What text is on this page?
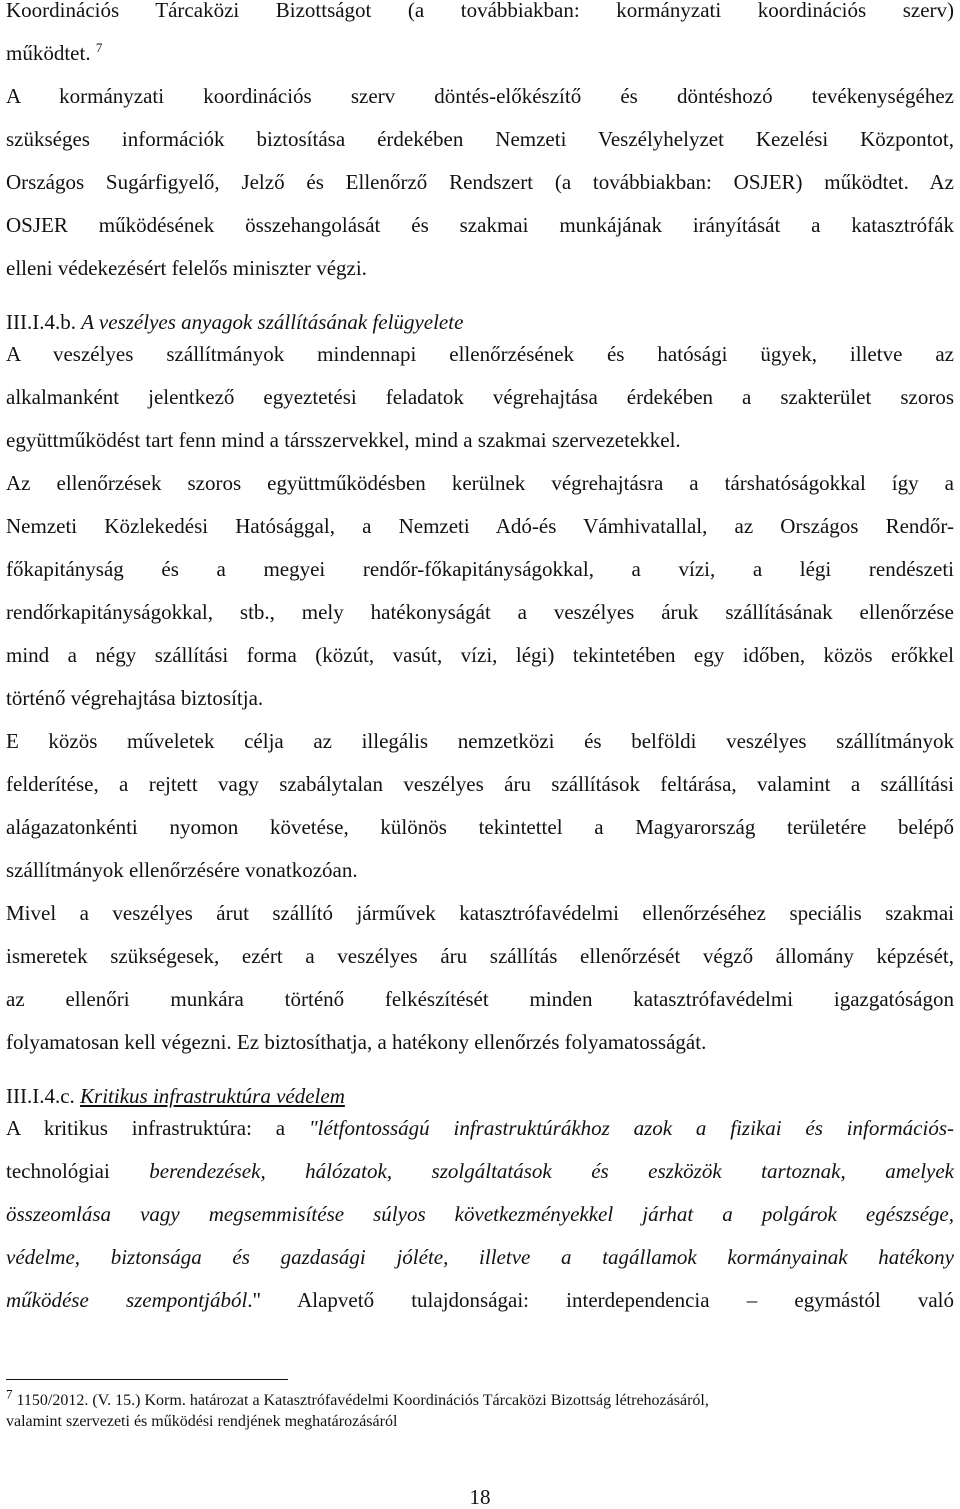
Koordinációs Tárcaközi Bizottságot (a továbbiakban: kormányzati koordinációs szerv)
működtet. $^7$
A kormányzati koordinációs szerv döntés-előkészítő és döntéshozó tevékenységéhez
szükséges információk biztosítása érdekében Nemzeti Veszélyhelyzet Kezelési Központot,
Országos Sugárfigyelő, Jelző és Ellenőrző Rendszert (a továbbiakban: OSJER) működtet. Az
OSJER működésének összehangolását és szakmai munkájának irányítását a katasztrófák
elleni védekezésért felelős miniszter végzi.
III.I.4.b. A veszélyes anyagok szállításának felügyelete
A veszélyes szállítmányok mindennapi ellenőrzésének és hatósági ügyek, illetve az
alkalmanként jelentkező egyeztetési feladatok végrehajtása érdekében a szakterület szoros
együttműködést tart fenn mind a társszervekkel, mind a szakmai szervezetekkel.
Az ellenőrzések szoros együttműködésben kerülnek végrehajtásra a társhatóságokkal így a
Nemzeti Közlekedési Hatósággal, a Nemzeti Adó-és Vámhivatallal, az Országos Rendőr-
főkapitányság és a megyei rendőr-főkapitányságokkal, a vízi, a légi rendészeti
rendőrkapitányságokkal, stb., mely hatékonyságát a veszélyes áruk szállításának ellenőrzése
mind a négy szállítási forma (közút, vasút, vízi, légi) tekintetében egy időben, közös erőkkel
történő végrehajtása biztosítja.
E közös műveletek célja az illegális nemzetközi és belföldi veszélyes szállítmányok
felderítése, a rejtett vagy szabálytalan veszélyes áru szállítások feltárása, valamint a szállítási
alágazatonkénti nyomon követése, különös tekintettel a Magyarország területére belépő
szállítmányok ellenőrzésére vonatkozóan.
Mivel a veszélyes árut szállító járművek katasztrófavédelmi ellenőrzéséhez speciális szakmai
ismeretek szükségesek, ezért a veszélyes áru szállítás ellenőrzését végző állomány képzését,
az ellenőri munkára történő felkészítését minden katasztrófavédelmi igazgatóságon
folyamatosan kell végezni. Ez biztosíthatja, a hatékony ellenőrzés folyamatosságát.
III.I.4.c. Kritikus infrastruktúra védelem
A kritikus infrastruktúra: a "létfontosságú infrastruktúrákhoz azok a fizikai és információs-
technológiai berendezések, hálózatok, szolgáltatások és eszközök tartoznak, amelyek
összeomlása vagy megsemmisítése súlyos következményekkel járhat a polgárok egészsége,
védelme, biztonsága és gazdasági jóléte, illetve a tagállamok kormányainak hatékony
működése szempontjából." Alapvető tulajdonságai: interdependencia – egymástól való
$^7$ 1150/2012. (V. 15.) Korm. határozat a Katasztrófavédelmi Koordinációs Tárcaközi Bizottság létrehozásáról,
valamint szervezeti és működési rendjének meghatározásáról
18
